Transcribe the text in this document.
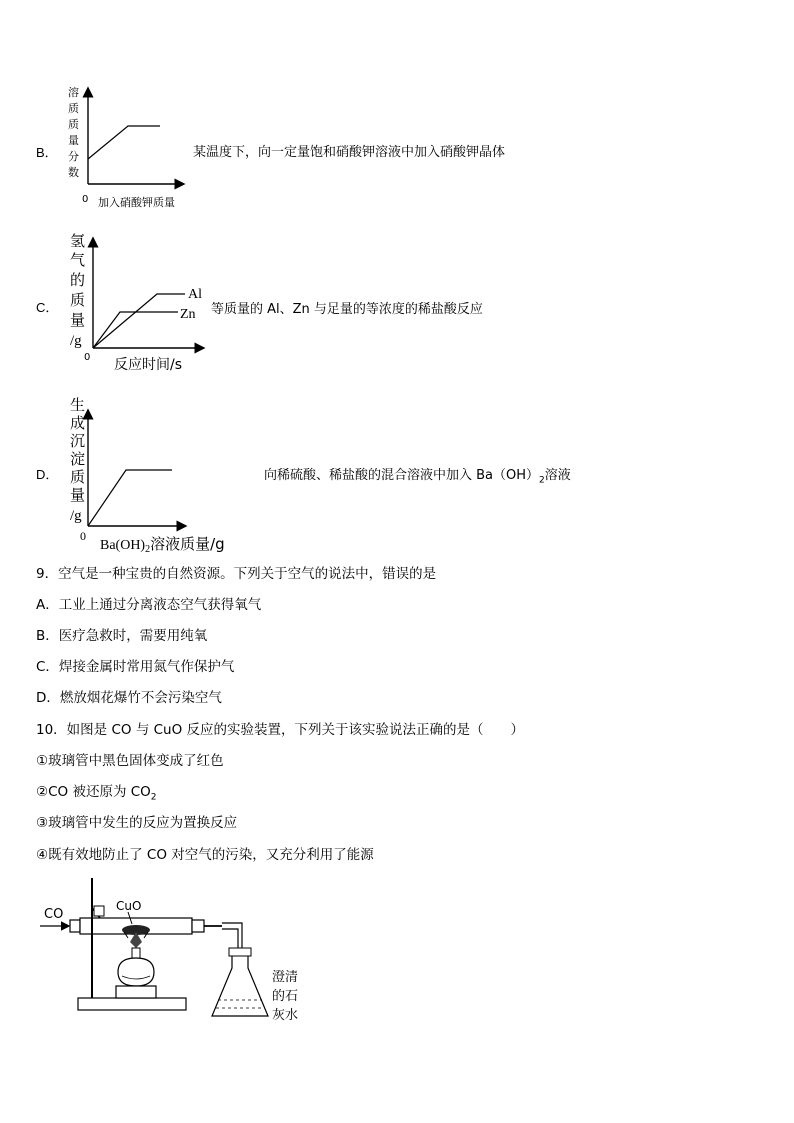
B．
溶
质
质
量
分
数
0 加入硝酸钾质量
某温度下，向一定量饱和硝酸钾溶液中加入硝酸钾晶体
C．
Al
Zn
氢
气
的
质
量
/g
0 反应时间/s
等质量的 Al、Zn 与足量的等浓度的稀盐酸反应
D．
生
成
沉
淀
质
量
/g
0
$Ba(OH)_2$溶液质量/g
向稀硫酸、稀盐酸的混合溶液中加入 $Ba(OH)_2$溶液
9．空气是一种宝贵的自然资源。下列关于空气的说法中，错误的是
A．工业上通过分离液态空气获得氧气
B．医疗急救时，需要用纯氧
C．焊接金属时常用氮气作保护气
D．燃放烟花爆竹不会污染空气
10．如图是 CO 与 CuO 反应的实验装置，下列关于该实验说法正确的是（　　）
①玻璃管中黑色固体变成了红色
②CO 被还原为 $CO_2$
③玻璃管中发生的反应为置换反应
④既有效地防止了 CO 对空气的污染，又充分利用了能源
CO
CuO
澄清
的石
灰水
